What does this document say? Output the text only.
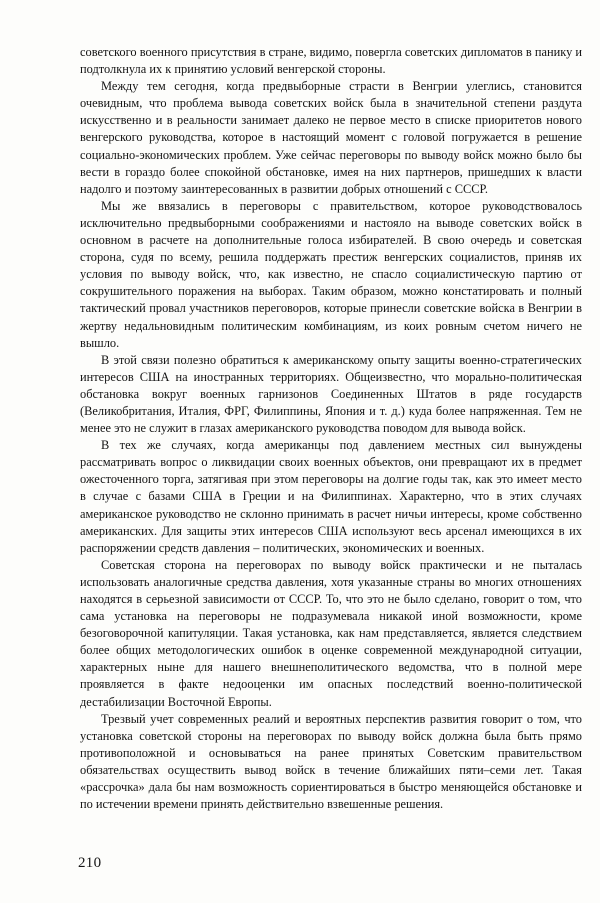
советского военного присутствия в стране, видимо, повергла советских дипломатов в панику и подтолкнула их к принятию условий венгерской стороны.

Между тем сегодня, когда предвыборные страсти в Венгрии улеглись, становится очевидным, что проблема вывода советских войск была в значительной степени раздута искусственно и в реальности занимает далеко не первое место в списке приоритетов нового венгерского руководства, которое в настоящий момент с головой погружается в решение социально-экономических проблем. Уже сейчас переговоры по выводу войск можно было бы вести в гораздо более спокойной обстановке, имея на них партнеров, пришедших к власти надолго и поэтому заинтересованных в развитии добрых отношений с СССР.

Мы же ввязались в переговоры с правительством, которое руководствовалось исключительно предвыборными соображениями и настояло на выводе советских войск в основном в расчете на дополнительные голоса избирателей. В свою очередь и советская сторона, судя по всему, решила поддержать престиж венгерских социалистов, приняв их условия по выводу войск, что, как известно, не спасло социалистическую партию от сокрушительного поражения на выборах. Таким образом, можно констатировать и полный тактический провал участников переговоров, которые принесли советские войска в Венгрии в жертву недальновидным политическим комбинациям, из коих ровным счетом ничего не вышло.

В этой связи полезно обратиться к американскому опыту защиты военно-стратегических интересов США на иностранных территориях. Общеизвестно, что морально-политическая обстановка вокруг военных гарнизонов Соединенных Штатов в ряде государств (Великобритания, Италия, ФРГ, Филиппины, Япония и т. д.) куда более напряженная. Тем не менее это не служит в глазах американского руководства поводом для вывода войск.

В тех же случаях, когда американцы под давлением местных сил вынуждены рассматривать вопрос о ликвидации своих военных объектов, они превращают их в предмет ожесточенного торга, затягивая при этом переговоры на долгие годы так, как это имеет место в случае с базами США в Греции и на Филиппинах. Характерно, что в этих случаях американское руководство не склонно принимать в расчет ничьи интересы, кроме собственно американских. Для защиты этих интересов США используют весь арсенал имеющихся в их распоряжении средств давления – политических, экономических и военных.

Советская сторона на переговорах по выводу войск практически и не пыталась использовать аналогичные средства давления, хотя указанные страны во многих отношениях находятся в серьезной зависимости от СССР. То, что это не было сделано, говорит о том, что сама установка на переговоры не подразумевала никакой иной возможности, кроме безоговорочной капитуляции. Такая установка, как нам представляется, является следствием более общих методологических ошибок в оценке современной международной ситуации, характерных ныне для нашего внешнеполитического ведомства, что в полной мере проявляется в факте недооценки им опасных последствий военно-политической дестабилизации Восточной Европы.

Трезвый учет современных реалий и вероятных перспектив развития говорит о том, что установка советской стороны на переговорах по выводу войск должна была быть прямо противоположной и основываться на ранее принятых Советским правительством обязательствах осуществить вывод войск в течение ближайших пяти–семи лет. Такая «рассрочка» дала бы нам возможность сориентироваться в быстро меняющейся обстановке и по истечении времени принять действительно взвешенные решения.

210
